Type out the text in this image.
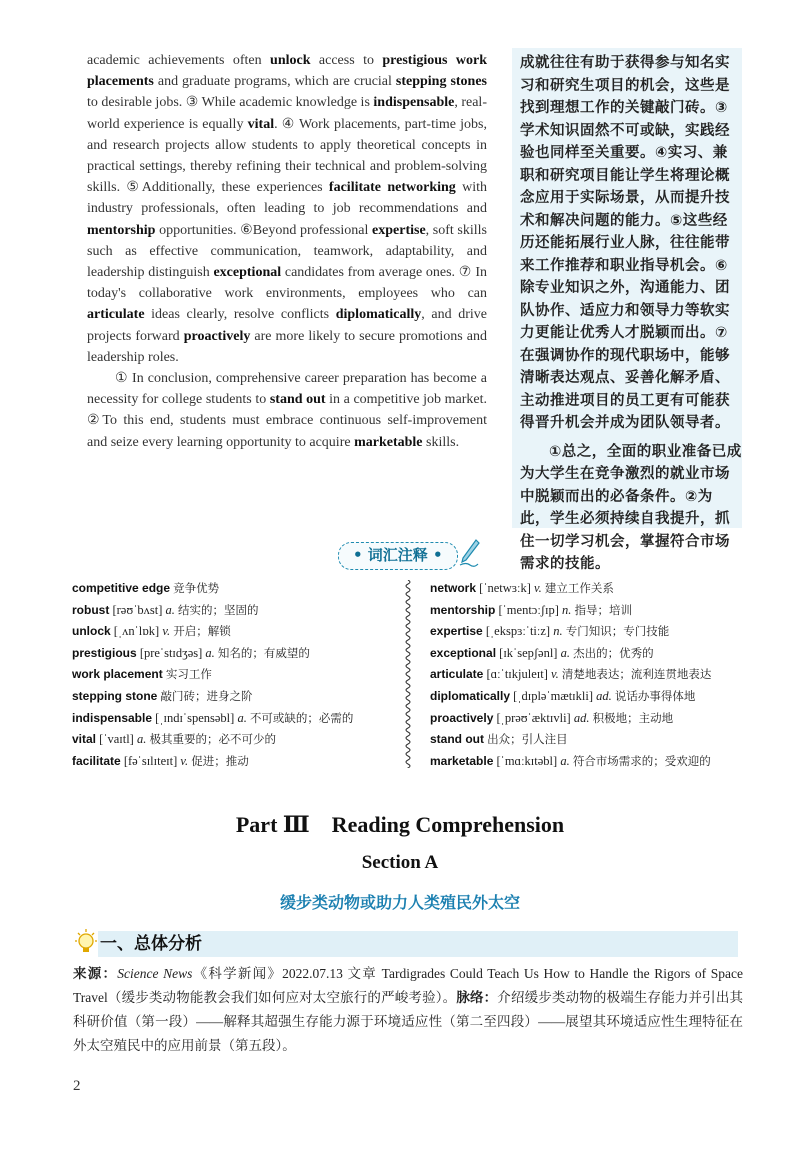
academic achievements often unlock access to prestigious work placements and graduate programs, which are crucial stepping stones to desirable jobs. ③ While academic knowledge is indispensable, real-world experience is equally vital. ④ Work placements, part-time jobs, and research projects allow students to apply theoretical concepts in practical settings, thereby refining their technical and problem-solving skills. ⑤Additionally, these experiences facilitate networking with industry professionals, often leading to job recommendations and mentorship opportunities. ⑥Beyond professional expertise, soft skills such as effective communication, teamwork, adaptability, and leadership distinguish exceptional candidates from average ones. ⑦ In today's collaborative work environments, employees who can articulate ideas clearly, resolve conflicts diplomatically, and drive projects forward proactively are more likely to secure promotions and leadership roles.

① In conclusion, comprehensive career preparation has become a necessity for college students to stand out in a competitive job market. ②To this end, students must embrace continuous self-improvement and seize every learning opportunity to acquire marketable skills.

成就往往有助于获得参与知名实习和研究生项目的机会，这些是找到理想工作的关键敲门砖。③学术知识固然不可或缺，实践经验也同样至关重要。④实习、兼职和研究项目能让学生将理论概念应用于实际场景，从而提升技术和解决问题的能力。⑤这些经历还能拓展行业人脉，往往能带来工作推荐和职业指导机会。⑥除专业知识之外，沟通能力、团队协作、适应力和领导力等软实力更能让优秀人才脱颖而出。⑦在强调协作的现代职场中，能够清晰表达观点、妥善化解矛盾、主动推进项目的员工更有可能获得晋升机会并成为团队领导者。

①总之，全面的职业准备已成为大学生在竞争激烈的就业市场中脱颖而出的必备条件。②为此，学生必须持续自我提升，抓住一切学习机会，掌握符合市场需求的技能。

• 词汇注释 •
competitive edge 竞争优势
robust [rəʊˈbʌst] a. 结实的；坚固的
unlock [ˌʌnˈlɒk] v. 开启；解锁
prestigious [preˈstɪdʒəs] a. 知名的；有威望的
work placement 实习工作
stepping stone 敲门砖；进身之阶
indispensable [ˌɪndɪˈspensəbl] a. 不可或缺的；必需的
vital [ˈvaɪtl] a. 极其重要的；必不可少的
facilitate [fəˈsɪlɪteɪt] v. 促进；推动
network [ˈnetwɜːk] v. 建立工作关系
mentorship [ˈmentɔːʃɪp] n. 指导；培训
expertise [ˌekspɜːˈtiːz] n. 专门知识；专门技能
exceptional [ɪkˈsepʃənl] a. 杰出的；优秀的
articulate [ɑːˈtɪkjuleɪt] v. 清楚地表达；流利连贯地表达
diplomatically [ˌdɪpləˈmætɪkli] ad. 说话办事得体地
proactively [ˌprəʊˈæktɪvli] ad. 积极地；主动地
stand out 出众；引人注目
marketable [ˈmɑːkɪtəbl] a. 符合市场需求的；受欢迎的
Part Ⅲ    Reading Comprehension
Section A
缓步类动物或助力人类殖民外太空
一、总体分析
来源：Science News《科学新闻》2022.07.13 文章 Tardigrades Could Teach Us How to Handle the Rigors of Space Travel（缓步类动物能教会我们如何应对太空旅行的严峻考验）。脉络：介绍缓步类动物的极端生存能力并引出其科研价值（第一段）——解释其超强生存能力源于环境适应性（第二至四段）——展望其环境适应性生理特征在外太空殖民中的应用前景（第五段）。
2
